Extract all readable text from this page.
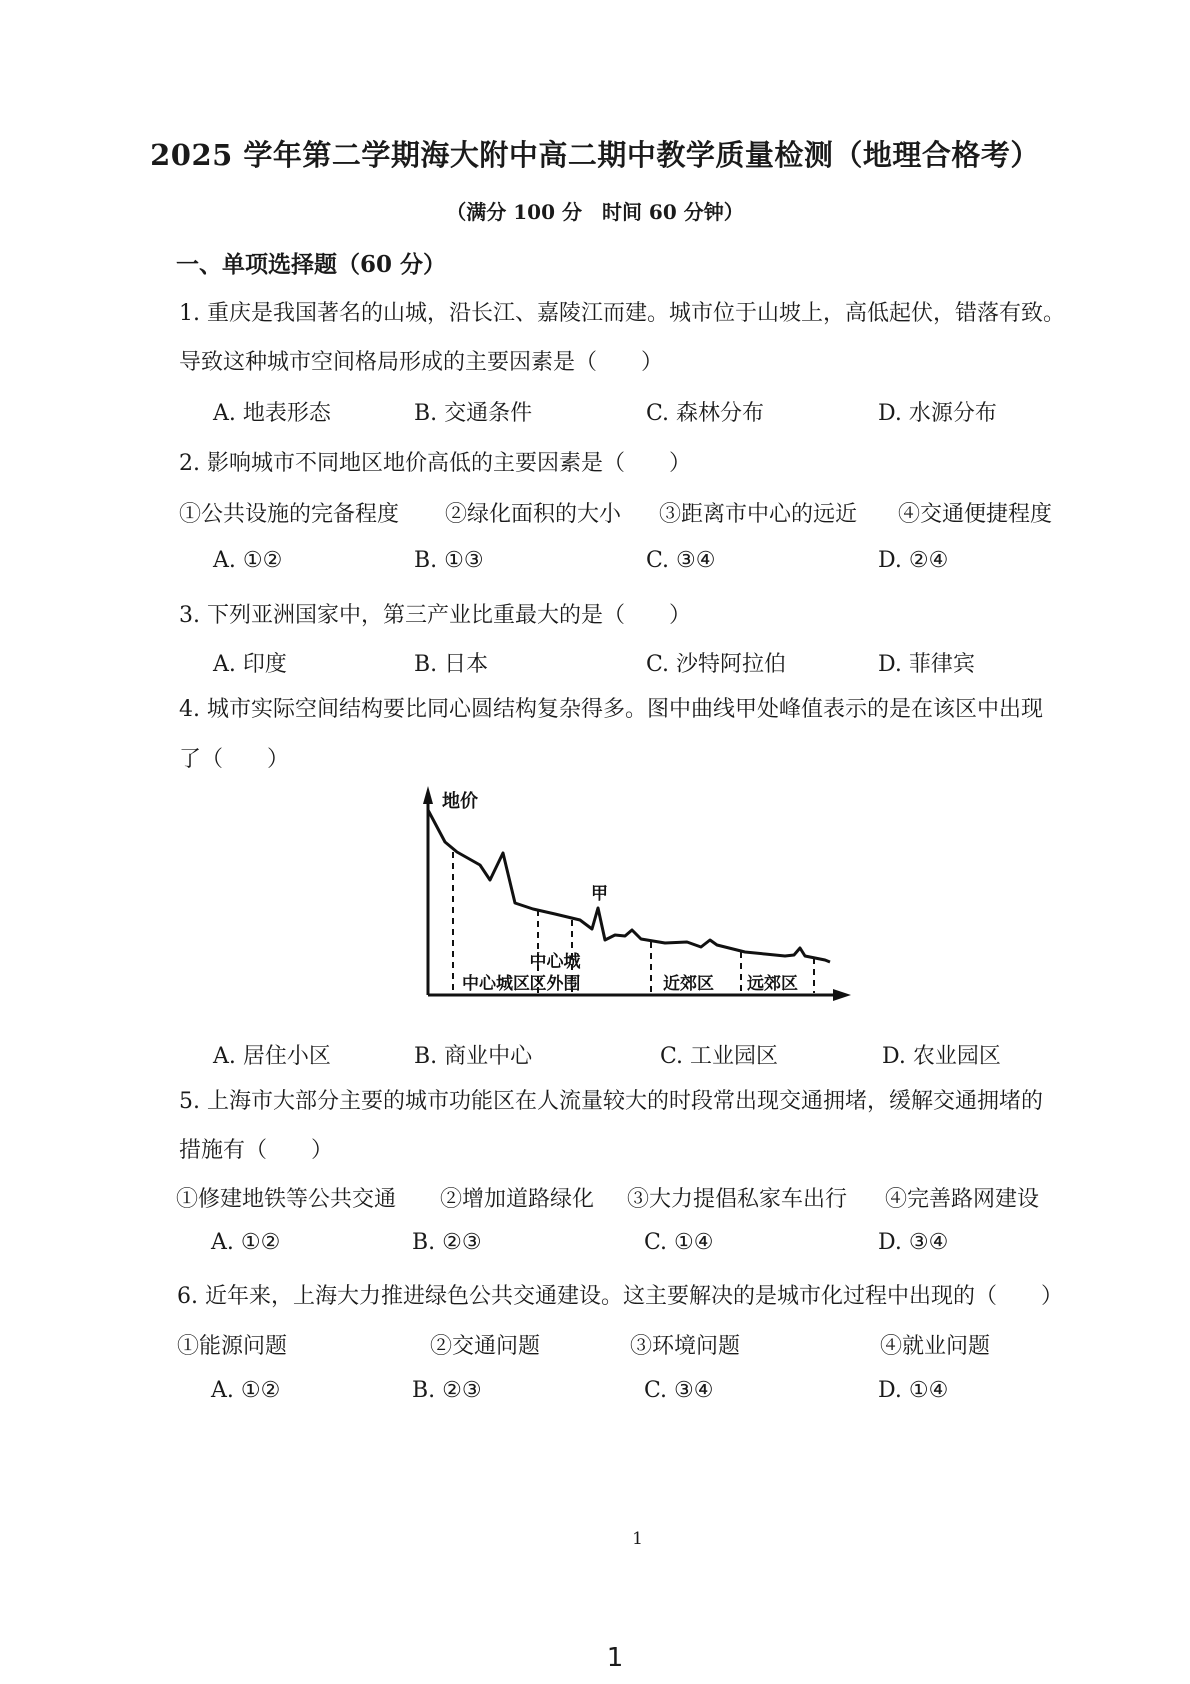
2025 学年第二学期海大附中高二期中教学质量检测（地理合格考）
（满分 100 分　时间 60 分钟）
一、单项选择题（60 分）
1. 重庆是我国著名的山城，沿长江、嘉陵江而建。城市位于山坡上，高低起伏，错落有致。
导致这种城市空间格局形成的主要因素是（　　）
A. 地表形态	B. 交通条件	C. 森林分布	D. 水源分布
2. 影响城市不同地区地价高低的主要因素是（　　）
①公共设施的完备程度 ②绿化面积的大小 ③距离市中心的远近 ④交通便捷程度
A. ①②	B. ①③	C. ③④	D. ②④
3. 下列亚洲国家中，第三产业比重最大的是（　　）
A. 印度	B. 日本	C. 沙特阿拉伯	D. 菲律宾
4. 城市实际空间结构要比同心圆结构复杂得多。图中曲线甲处峰值表示的是在该区中出现
了（　　）
地价
甲
中心城区
中心城
区外围	近郊区 远郊区
A. 居住小区	B. 商业中心	C. 工业园区	D. 农业园区
5. 上海市大部分主要的城市功能区在人流量较大的时段常出现交通拥堵，缓解交通拥堵的
措施有（　　）
①修建地铁等公共交通 ②增加道路绿化 ③大力提倡私家车出行 ④完善路网建设
A. ①②	B. ②③	C. ①④	D. ③④
6. 近年来，上海大力推进绿色公共交通建设。这主要解决的是城市化过程中出现的（　　）
①能源问题	②交通问题	③环境问题	④就业问题
A. ①②	B. ②③	C. ③④	D. ①④
1
1
